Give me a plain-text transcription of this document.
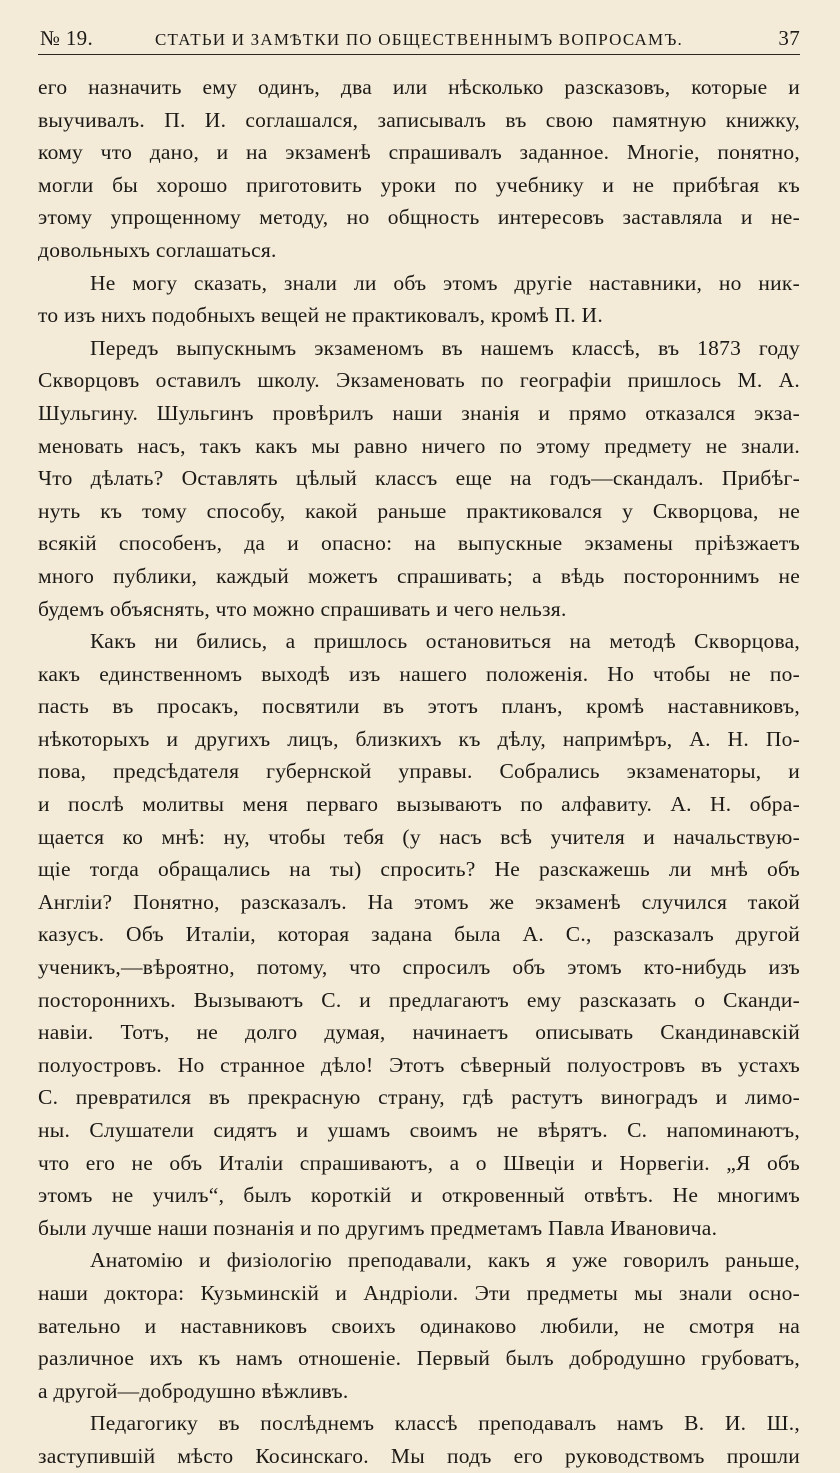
№ 19.	СТАТЬИ И ЗАМѢТКИ ПО ОБЩЕСТВЕННЫМЪ ВОПРОСАМЪ.	37
его назначить ему одинъ, два или нѣсколько разсказовъ, которые и
выучивалъ. П. И. соглашался, записывалъ въ свою памятную книжку,
кому что дано, и на экзаменѣ спрашивалъ заданное. Многiе, понятно,
могли бы хорошо приготовить уроки по учебнику и не прибѣгая къ
этому упрощенному методу, но общность интересовъ заставляла и не-
довольныхъ соглашаться.
Не могу сказать, знали ли объ этомъ другiе наставники, но ник-
то изъ нихъ подобныхъ вещей не практиковалъ, кромѣ П. И.
Передъ выпускнымъ экзаменомъ въ нашемъ классѣ, въ 1873 году
Скворцовъ оставилъ школу. Экзаменовать по географiи пришлось М. А.
Шульгину. Шульгинъ провѣрилъ наши знанiя и прямо отказался экза-
меновать насъ, такъ какъ мы равно ничего по этому предмету не знали.
Что дѣлать? Оставлять цѣлый классъ еще на годъ—скандалъ. Прибѣг-
нуть къ тому способу, какой раньше практиковался у Скворцова, не
всякiй способенъ, да и опасно: на выпускные экзамены прiѣзжаетъ
много публики, каждый можетъ спрашивать; а вѣдь постороннимъ не
будемъ объяснять, что можно спрашивать и чего нельзя.
Какъ ни бились, а пришлось остановиться на методѣ Скворцова,
какъ единственномъ выходѣ изъ нашего положенiя. Но чтобы не по-
пасть въ просакъ, посвятили въ этотъ планъ, кромѣ наставниковъ,
нѣкоторыхъ и другихъ лицъ, близкихъ къ дѣлу, напримѣръ, А. Н. По-
пова, предсѣдателя губернской управы. Собрались экзаменаторы, и
и послѣ молитвы меня перваго вызываютъ по алфавиту. А. Н. обра-
щается ко мнѣ: ну, чтобы тебя (у насъ всѣ учителя и начальствую-
щiе тогда обращались на ты) спросить? Не разскажешь ли мнѣ объ
Англiи? Понятно, разсказалъ. На этомъ же экзаменѣ случился такой
казусъ. Объ Италiи, которая задана была А. С., разсказалъ другой
ученикъ,—вѣроятно, потому, что спросилъ объ этомъ кто-нибудь изъ
постороннихъ. Вызываютъ С. и предлагаютъ ему разсказать о Сканди-
навiи. Тотъ, не долго думая, начинаетъ описывать Скандинавскiй
полуостровъ. Но странное дѣло! Этотъ сѣверный полуостровъ въ устахъ
С. превратился въ прекрасную страну, гдѣ растутъ виноградъ и лимо-
ны. Слушатели сидятъ и ушамъ своимъ не вѣрятъ. С. напоминаютъ,
что его не объ Италiи спрашиваютъ, а о Швецiи и Норвегiи. „Я объ
этомъ не училъ“, былъ короткiй и откровенный отвѣтъ. Не многимъ
были лучше наши познанiя и по другимъ предметамъ Павла Ивановича.
Анатомiю и физiологiю преподавали, какъ я уже говорилъ раньше,
наши доктора: Кузьминскiй и Андрiоли. Эти предметы мы знали осно-
вательно и наставниковъ своихъ одинаково любили, не смотря на
различное ихъ къ намъ отношенiе. Первый былъ добродушно грубоватъ,
а другой—добродушно вѣжливъ.
Педагогику въ послѣднемъ классѣ преподавалъ намъ В. И. Ш.,
заступившiй мѣсто Косинскаго. Мы подъ его руководствомъ прошли
